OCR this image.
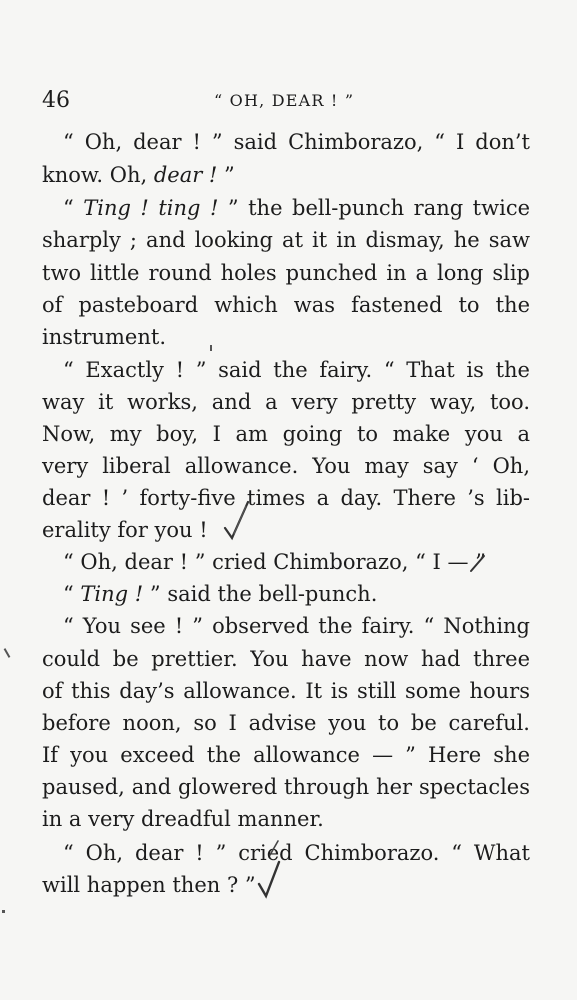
46	“ OH, DEAR ! ”
“ Oh, dear ! ” said Chimborazo, “ I don’t
know. Oh, dear ! ”
“ Ting ! ting ! ” the bell-punch rang twice
sharply ; and looking at it in dismay, he saw
two little round holes punched in a long slip
of pasteboard which was fastened to the
instrument.
“ Exactly ! ” said the fairy. “ That is the
way it works, and a very pretty way, too.
Now, my boy, I am going to make you a
very liberal allowance. You may say ‘ Oh,
dear ! ’ forty-five times a day. There ’s lib-
erality for you !
“ Oh, dear ! ” cried Chimborazo, “ I — ”
“ Ting ! ” said the bell-punch.
“ You see ! ” observed the fairy. “ Nothing
could be prettier. You have now had three
of this day’s allowance. It is still some hours
before noon, so I advise you to be careful.
If you exceed the allowance — ” Here she
paused, and glowered through her spectacles
in a very dreadful manner.
“ Oh, dear ! ” cried Chimborazo. “ What
will happen then ? ”
